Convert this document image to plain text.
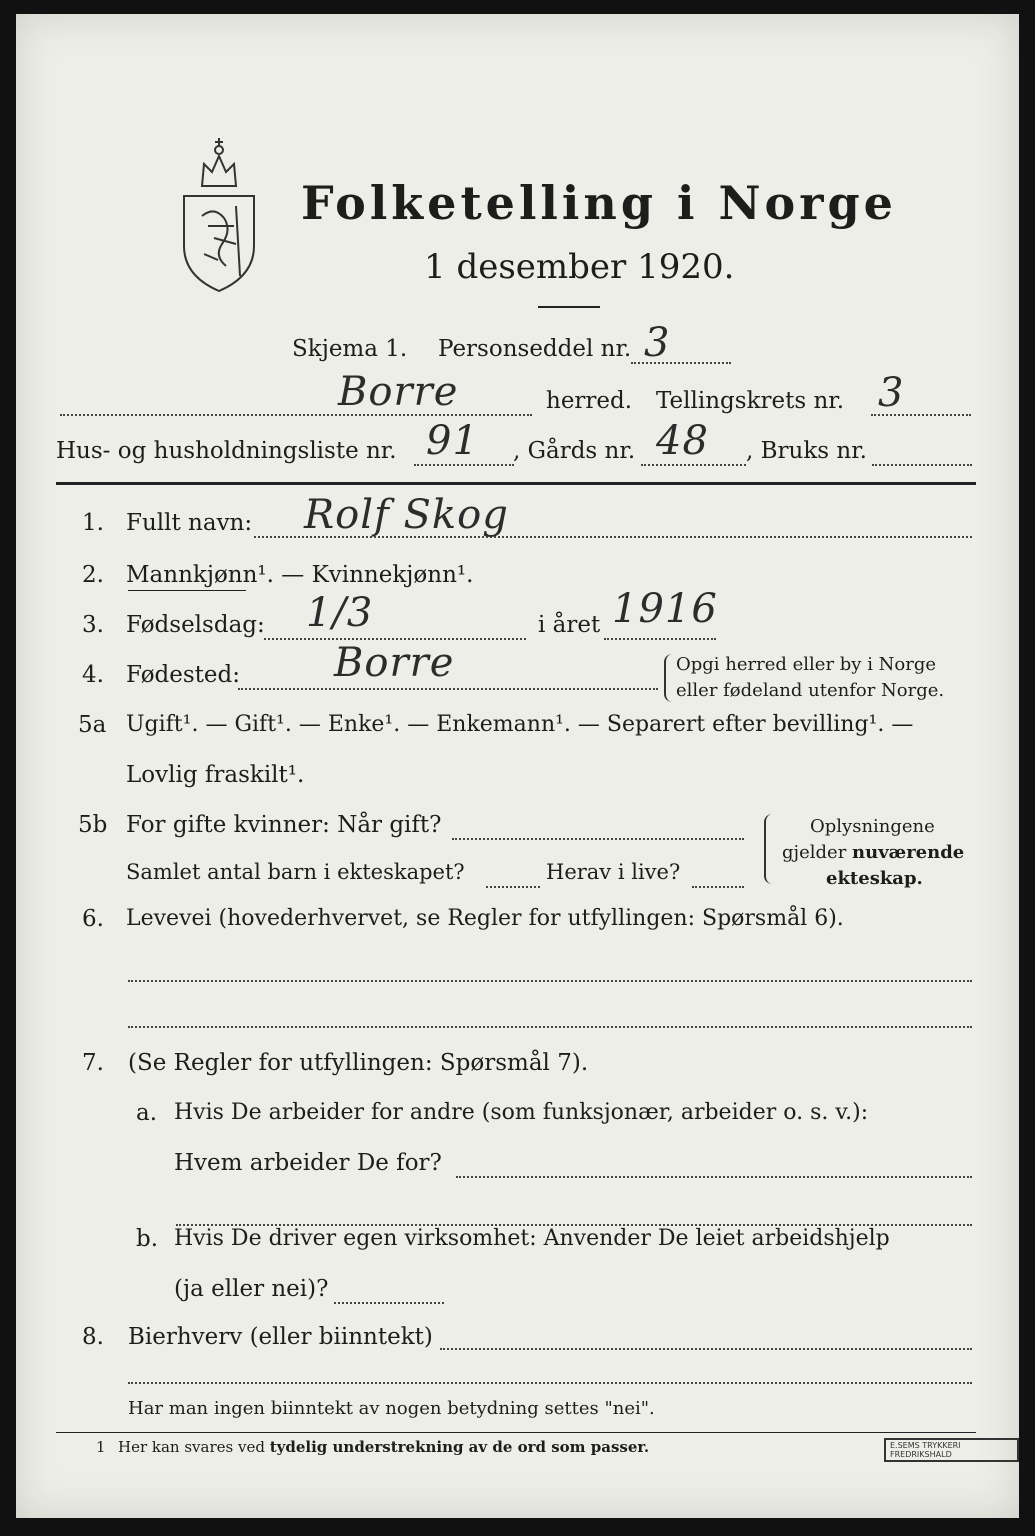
Folketelling i Norge
1 desember 1920.
Skjema 1. Personseddel nr. 3
Borre	herred. Tellingskrets nr. 3
Hus- og husholdningsliste nr. 91 , Gårds nr. 48 , Bruks nr.
1. Fullt navn: Rolf Skog
2. Mannkjønn¹. — Kvinnekjønn¹.
3. Fødselsdag: 1/3	i året 1916
4. Fødested: Borre	Opgi herred eller by i Norge
eller fødeland utenfor Norge.
5a Ugift¹. — Gift¹. — Enke¹. — Enkemann¹. — Separert efter bevilling¹. —
Lovlig fraskilt¹.
5b For gifte kvinner: Når gift?
Samlet antal barn i ekteskapet?	Herav i live?
Oplysningene
gjelder nuværende
ekteskap.
6. Levevei (hovederhvervet, se Regler for utfyllingen: Spørsmål 6).
7. (Se Regler for utfyllingen: Spørsmål 7).
a. Hvis De arbeider for andre (som funksjonær, arbeider o. s. v.):
Hvem arbeider De for?
b. Hvis De driver egen virksomhet: Anvender De leiet arbeidshjelp
(ja eller nei)?
8. Bierhverv (eller biinntekt)
Har man ingen biinntekt av nogen betydning settes "nei".
1 Her kan svares ved tydelig understrekning av de ord som passer.	E.SEMS TRYKKERI FREDRIKSHALD
